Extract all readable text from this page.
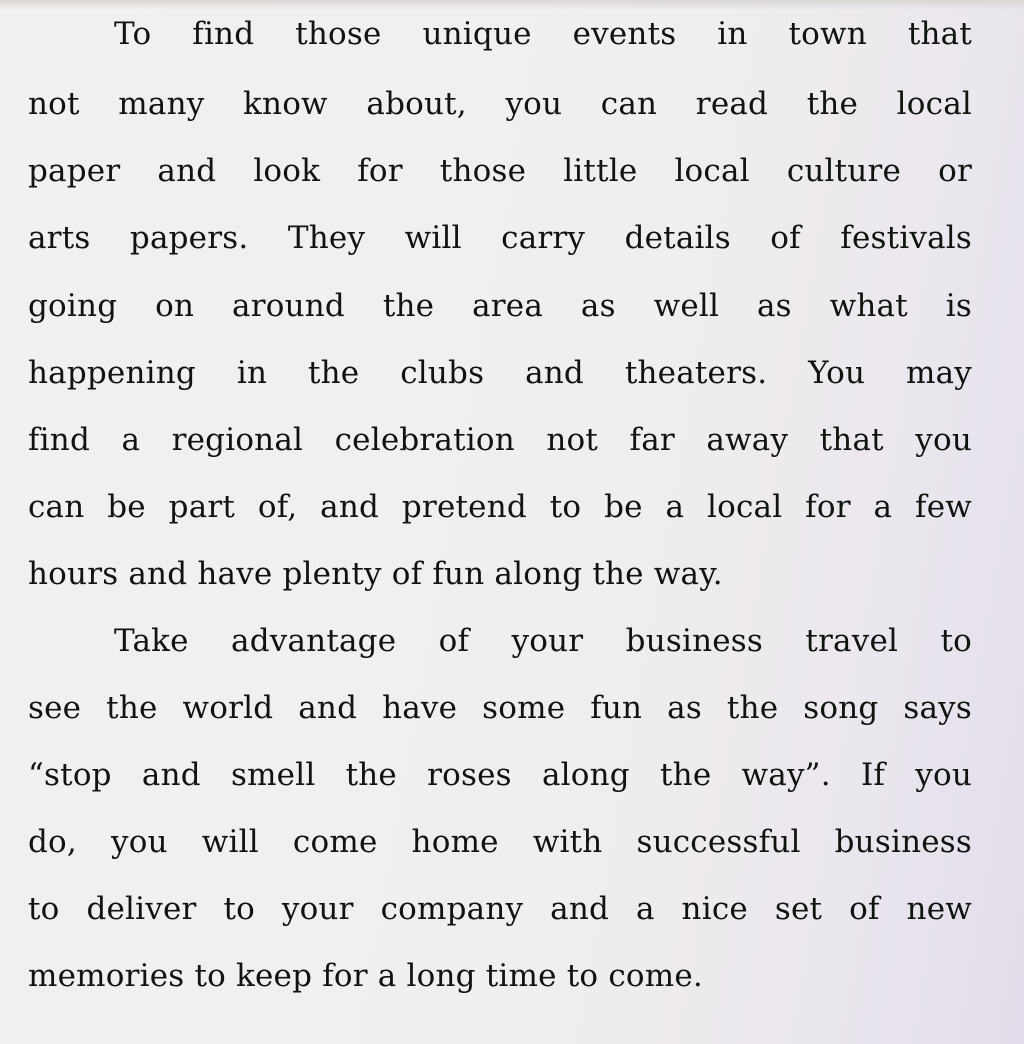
To find those unique events in town that
not many know about, you can read the local
paper and look for those little local culture or
arts papers. They will carry details of festivals
going on around the area as well as what is
happening in the clubs and theaters. You may
find a regional celebration not far away that you
can be part of, and pretend to be a local for a few
hours and have plenty of fun along the way.
Take advantage of your business travel to
see the world and have some fun as the song says
“stop and smell the roses along the way”. If you
do, you will come home with successful business
to deliver to your company and a nice set of new
memories to keep for a long time to come.
